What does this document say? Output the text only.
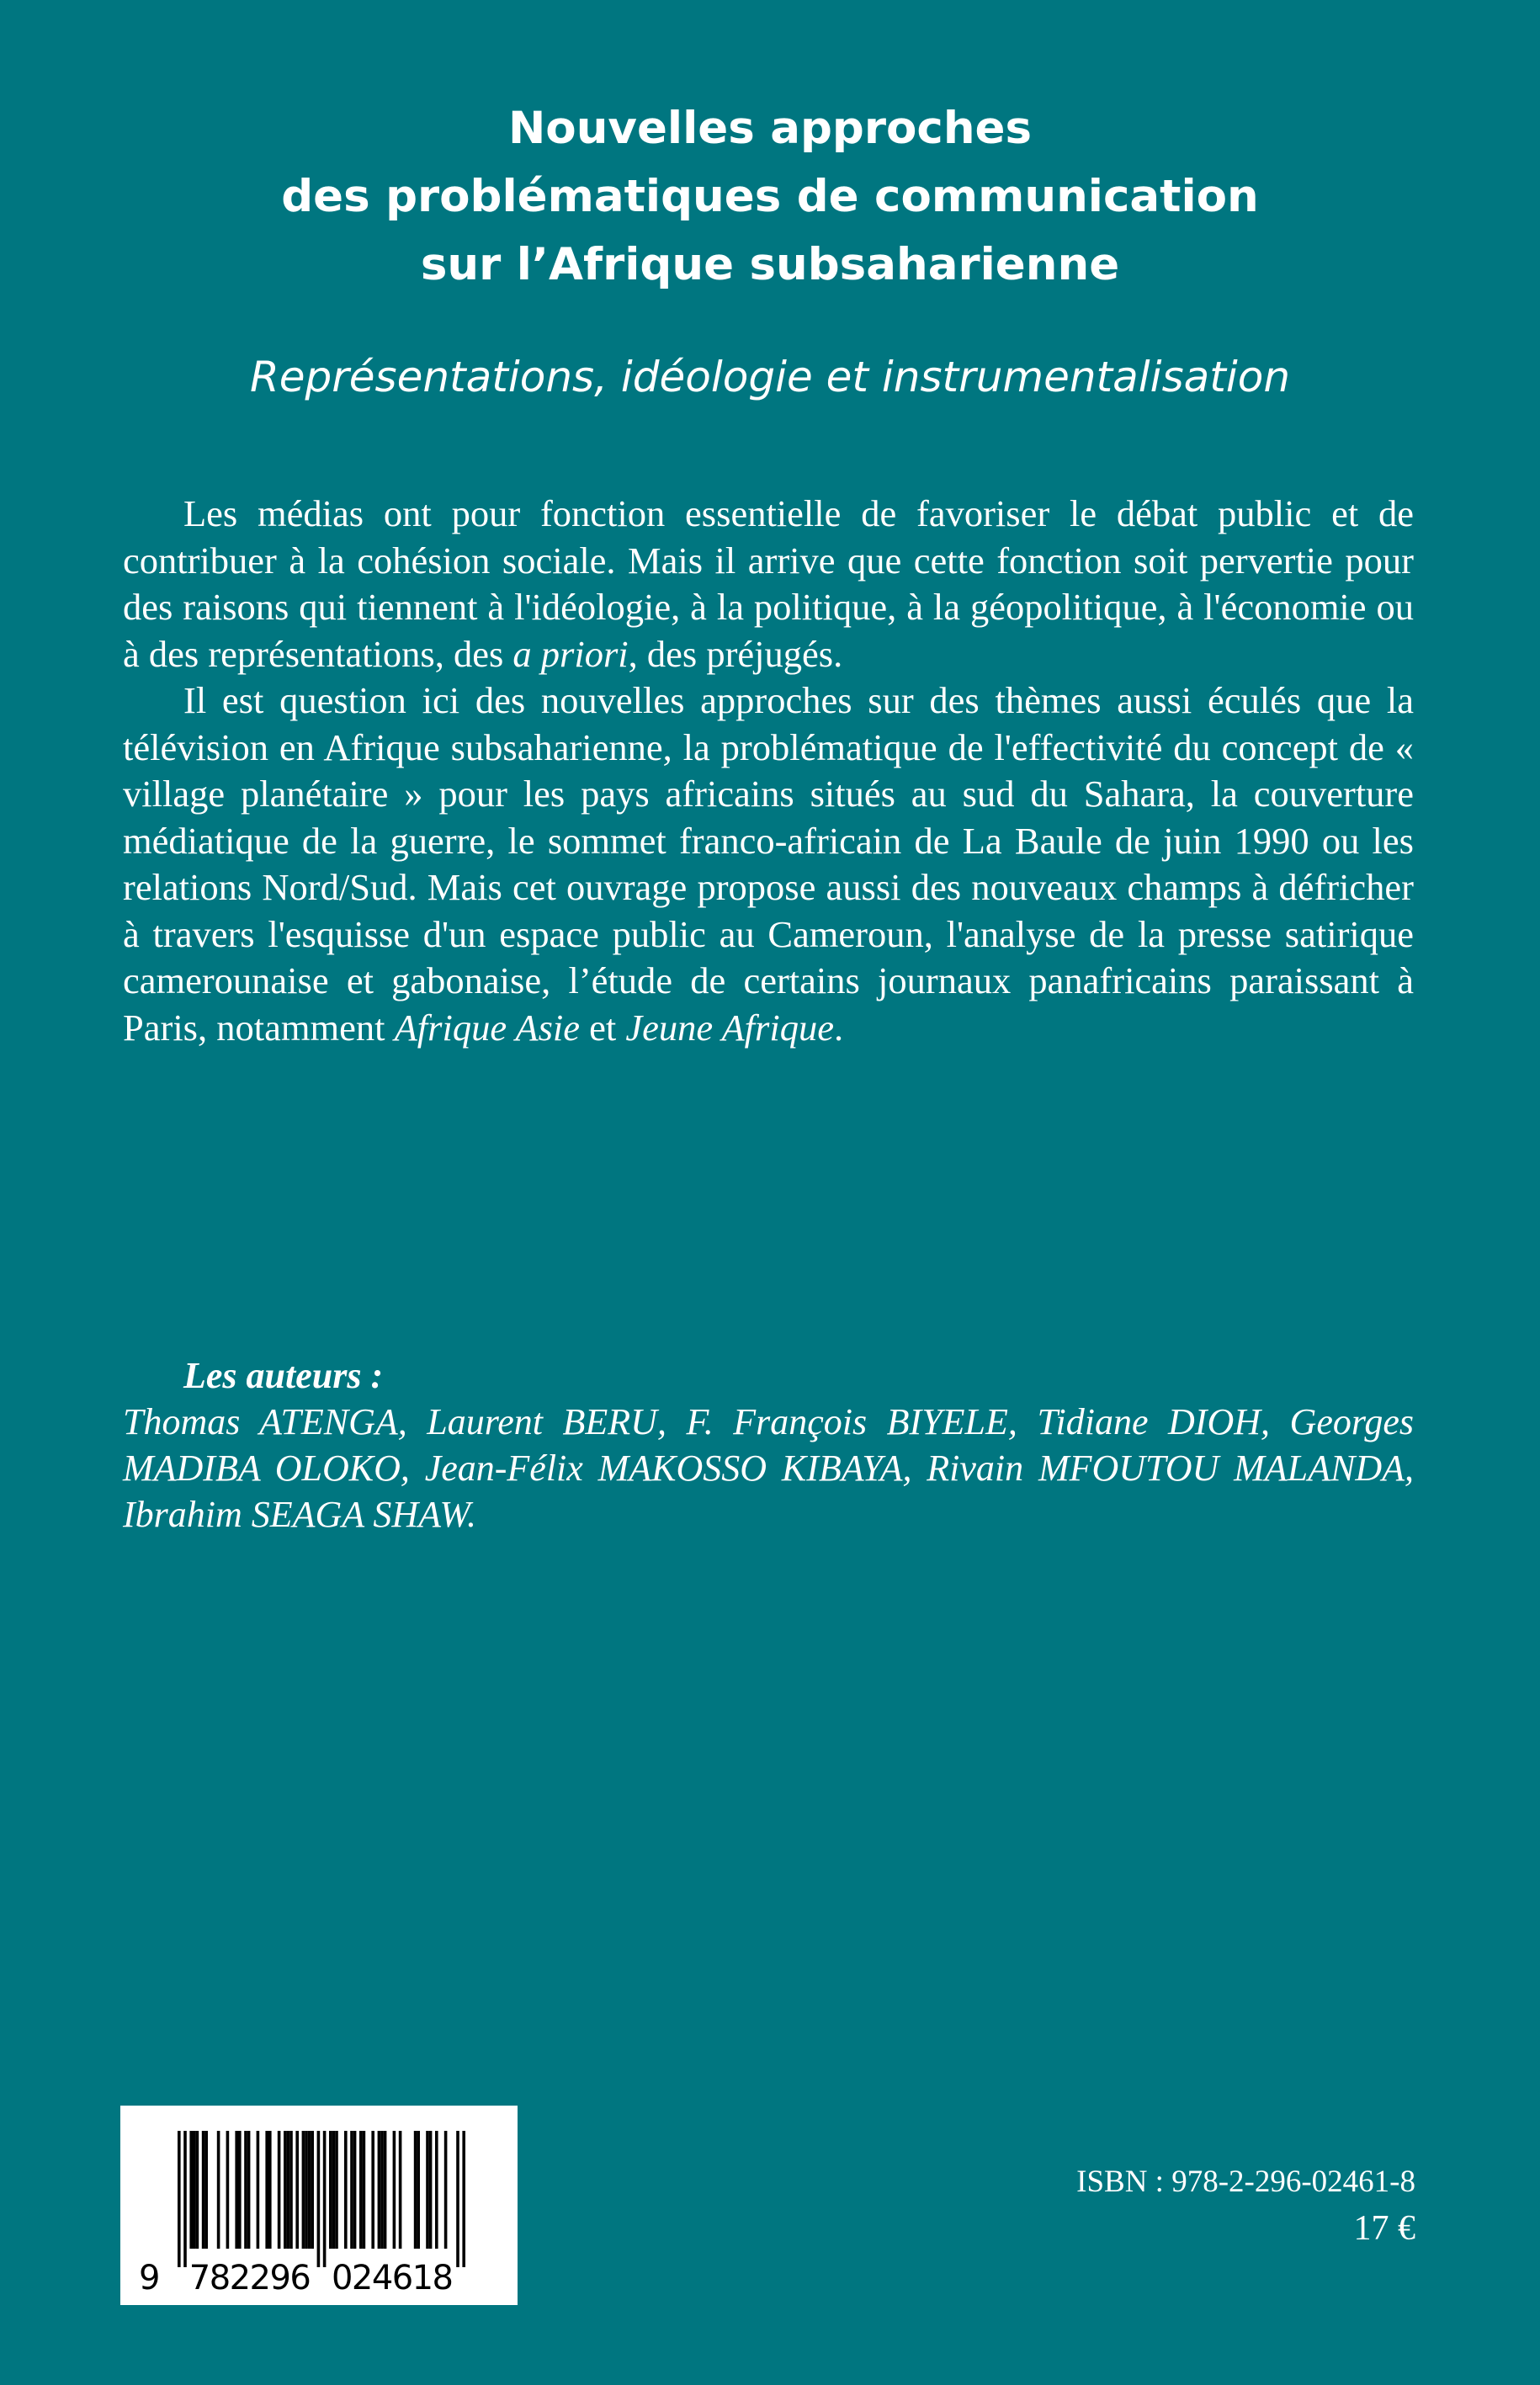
Nouvelles approches
des problématiques de communication
sur l’Afrique subsaharienne
Représentations, idéologie et instrumentalisation

Les médias ont pour fonction essentielle de favoriser le débat public et de contribuer à la cohésion sociale. Mais il arrive que cette fonction soit pervertie pour des raisons qui tiennent à l'idéologie, à la politique, à la géopolitique, à l'économie ou à des représentations, des a priori, des préjugés.

Il est question ici des nouvelles approches sur des thèmes aussi éculés que la télévision en Afrique subsaharienne, la problématique de l'effectivité du concept de « village planétaire » pour les pays africains situés au sud du Sahara, la couverture médiatique de la guerre, le sommet franco-africain de La Baule de juin 1990 ou les relations Nord/Sud. Mais cet ouvrage propose aussi des nouveaux champs à défricher à travers l'esquisse d'un espace public au Cameroun, l'analyse de la presse satirique camerounaise et gabonaise, l’étude de certains journaux panafricains paraissant à Paris, notamment Afrique Asie et Jeune Afrique.

Les auteurs :
Thomas ATENGA, Laurent BERU, F. François BIYELE, Tidiane DIOH, Georges MADIBA OLOKO, Jean-Félix MAKOSSO KIBAYA, Rivain MFOUTOU MALANDA, Ibrahim SEAGA SHAW.
9 782296 024618
ISBN : 978-2-296-02461-8
17 €
